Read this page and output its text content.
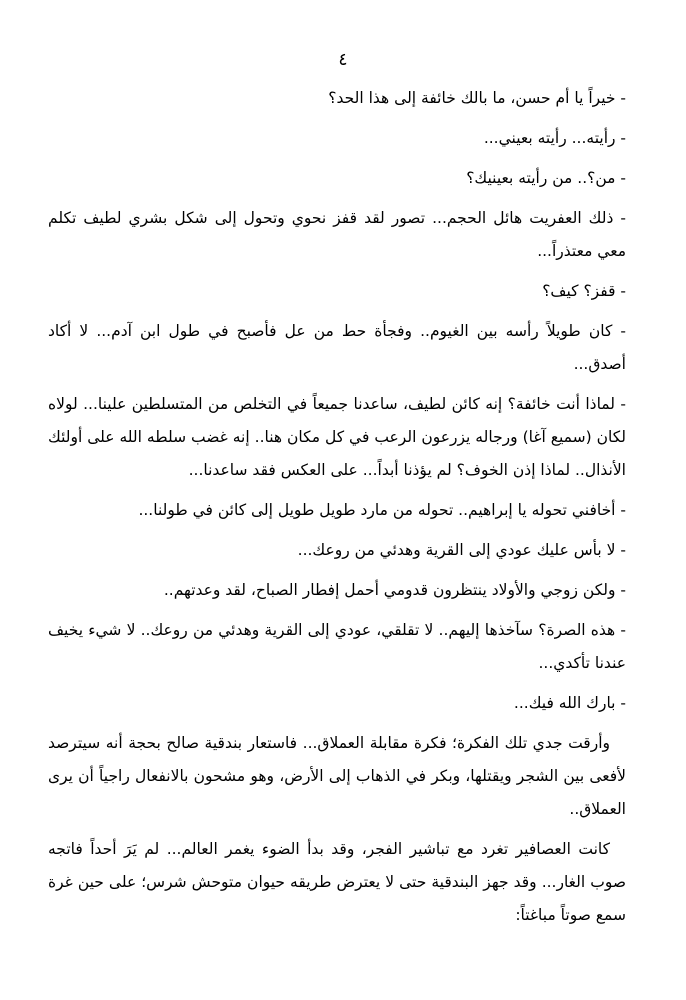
٤

- خيراً يا أم حسن، ما بالك خائفة إلى هذا الحد؟

- رأيته... رأيته بعيني...

- من؟.. من رأيته بعينيك؟

- ذلك العفريت هائل الحجم... تصور لقد قفز نحوي وتحول إلى شكل بشري لطيف تكلم معي معتذراً...

- قفز؟ كيف؟

- كان طويلاً رأسه بين الغيوم.. وفجأة حط من عل فأصبح في طول ابن آدم... لا أكاد أصدق...

- لماذا أنت خائفة؟ إنه كائن لطيف، ساعدنا جميعاً في التخلص من المتسلطين علينا... لولاه لكان (سميع آغا) ورجاله يزرعون الرعب في كل مكان هنا.. إنه غضب سلطه الله على أولئك الأنذال.. لماذا إذن الخوف؟ لم يؤذنا أبداً... على العكس فقد ساعدنا...

- أخافني تحوله يا إبراهيم.. تحوله من مارد طويل طويل إلى كائن في طولنا...

- لا بأس عليك عودي إلى القرية وهدئي من روعك...

- ولكن زوجي والأولاد ينتظرون قدومي أحمل إفطار الصباح، لقد وعدتهم..

- هذه الصرة؟ سآخذها إليهم.. لا تقلقي، عودي إلى القرية وهدئي من روعك.. لا شيء يخيف عندنا تأكدي...

- بارك الله فيك...

وأرقت جدي تلك الفكرة؛ فكرة مقابلة العملاق... فاستعار بندقية صالح بحجة أنه سيترصد لأفعى بين الشجر ويقتلها، وبكر في الذهاب إلى الأرض، وهو مشحون بالانفعال راجياً أن يرى العملاق..

كانت العصافير تغرد مع تباشير الفجر، وقد بدأ الضوء يغمر العالم... لم يَرَ أحداً فاتجه صوب الغار... وقد جهز البندقية حتى لا يعترض طريقه حيوان متوحش شرس؛ على حين غرة سمع صوتاً مباغتاً:
